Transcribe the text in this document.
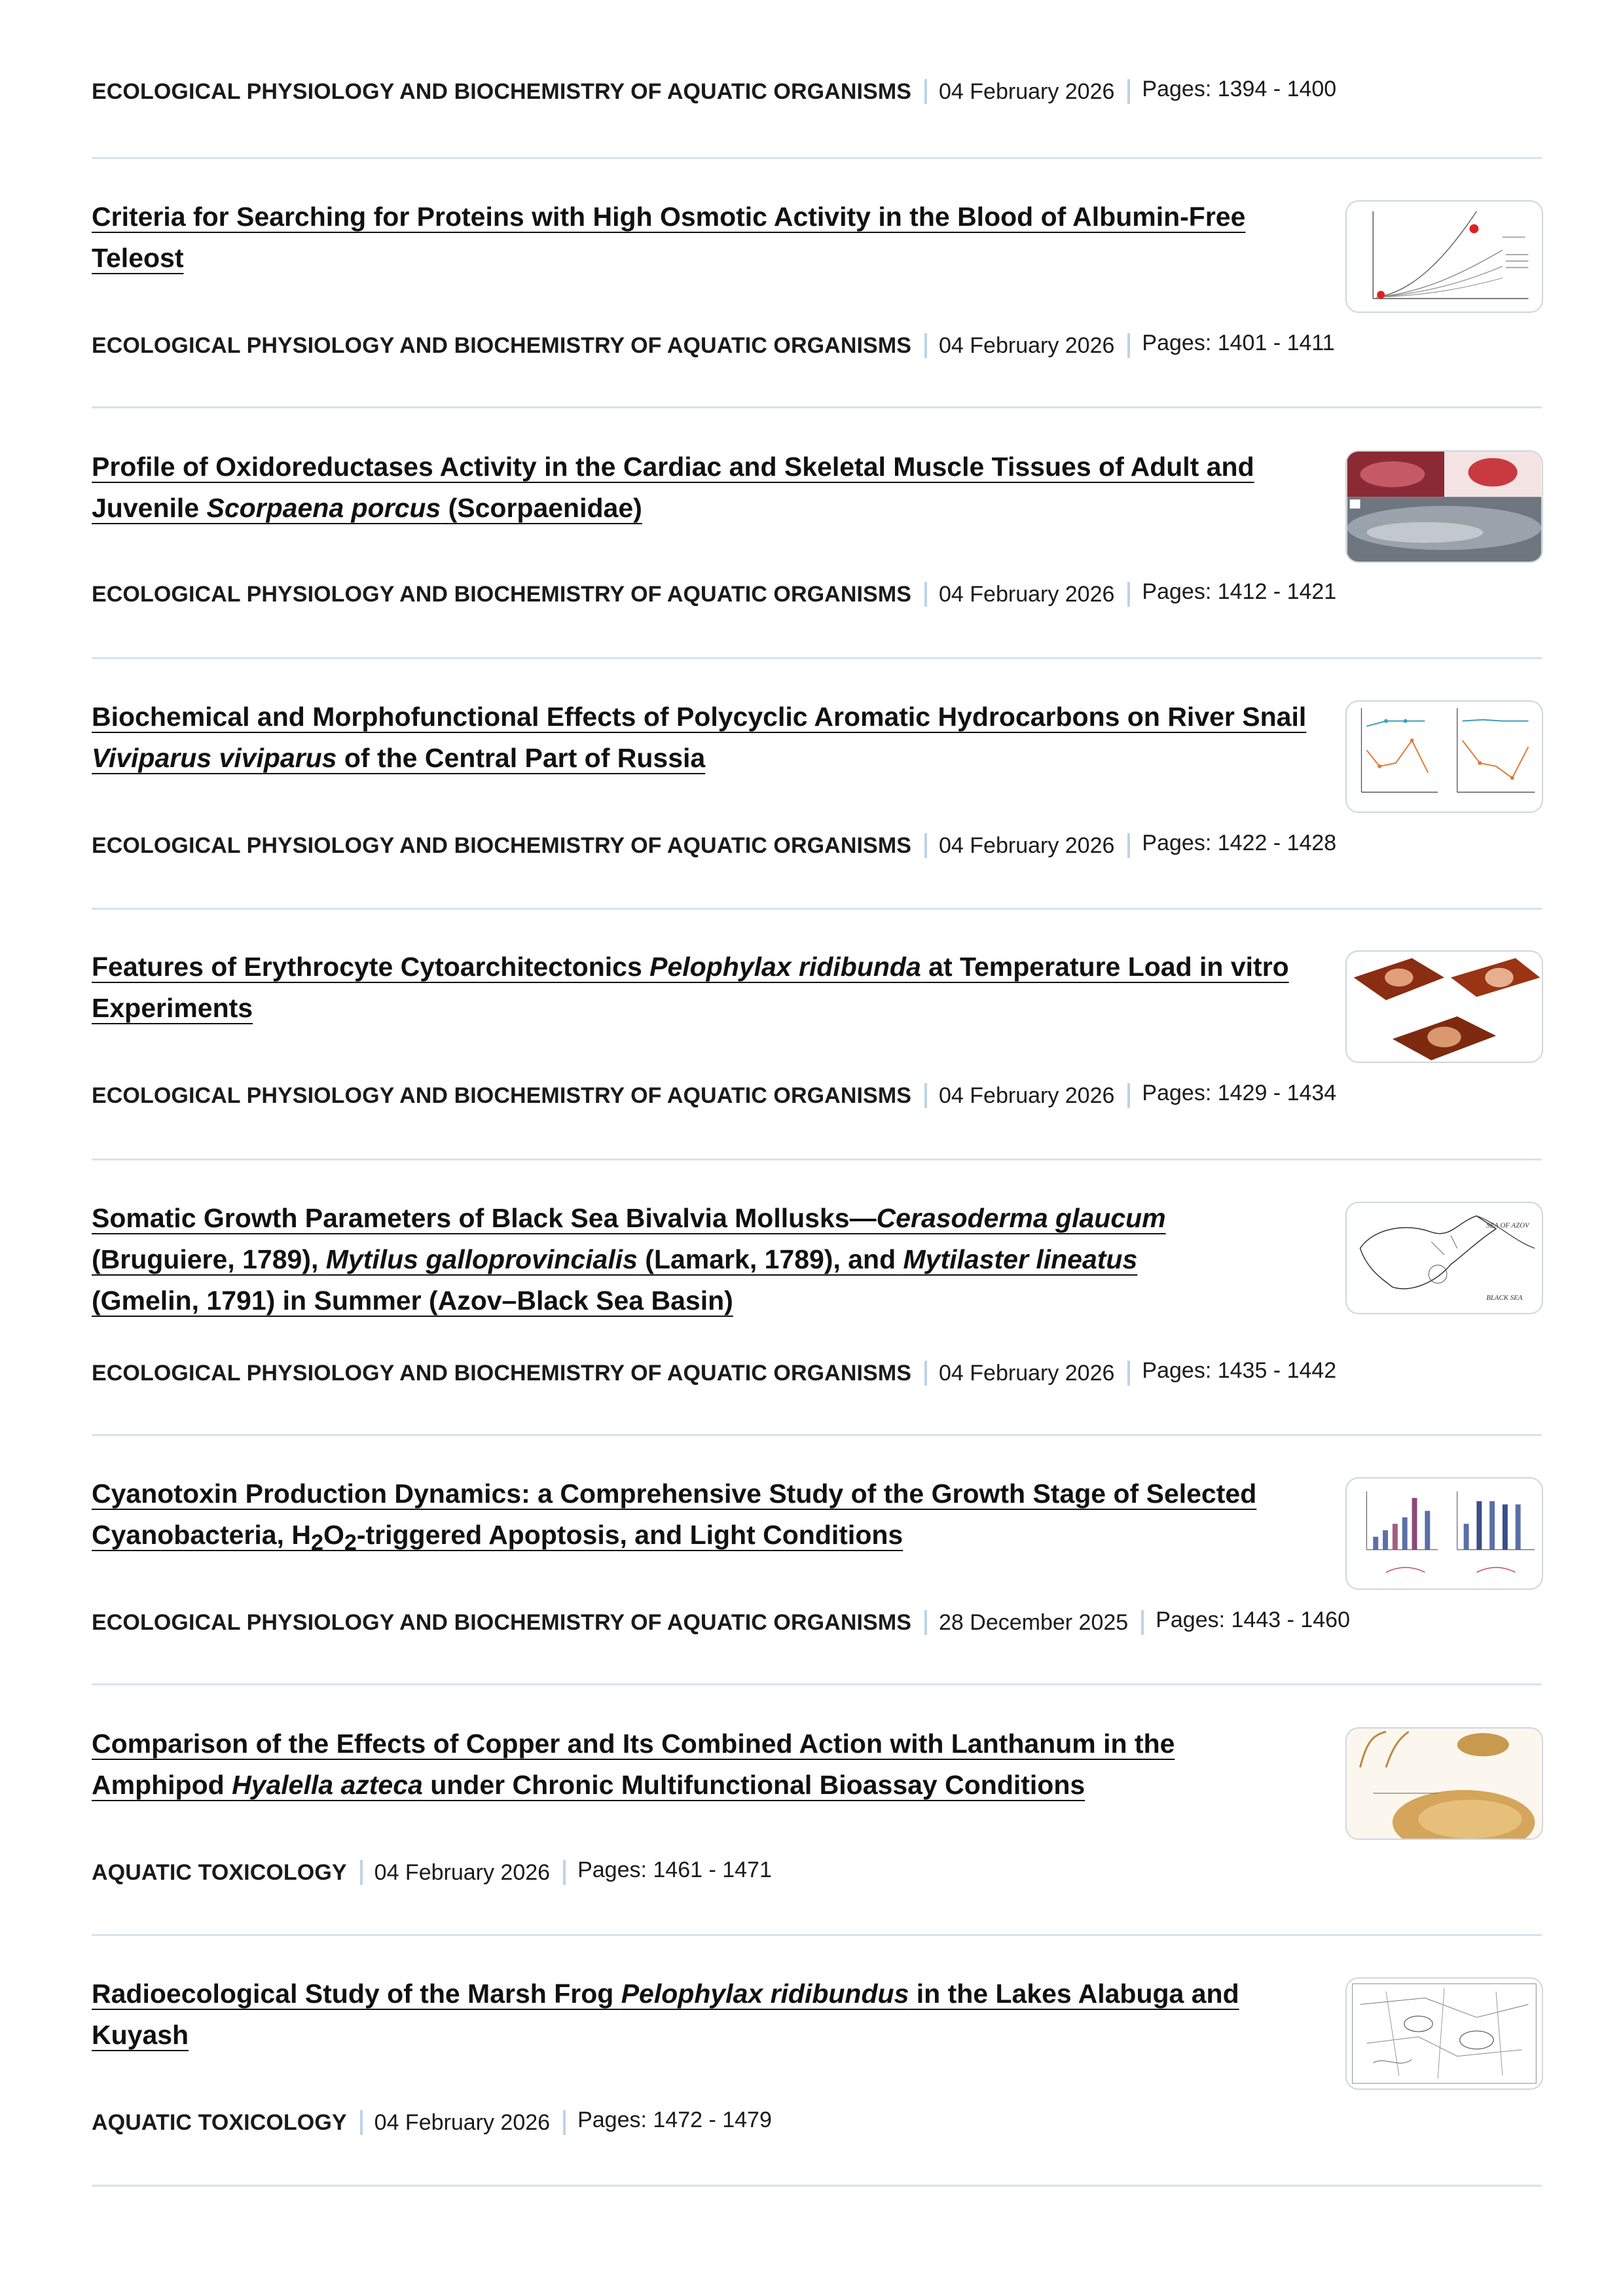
ECOLOGICAL PHYSIOLOGY AND BIOCHEMISTRY OF AQUATIC ORGANISMS 04 February 2026 Pages: 1394 - 1400
Criteria for Searching for Proteins with High Osmotic Activity in the Blood of Albumin-Free Teleost
ECOLOGICAL PHYSIOLOGY AND BIOCHEMISTRY OF AQUATIC ORGANISMS 04 February 2026 Pages: 1401 - 1411
Profile of Oxidoreductases Activity in the Cardiac and Skeletal Muscle Tissues of Adult and Juvenile Scorpaena porcus (Scorpaenidae)
ECOLOGICAL PHYSIOLOGY AND BIOCHEMISTRY OF AQUATIC ORGANISMS 04 February 2026 Pages: 1412 - 1421
Biochemical and Morphofunctional Effects of Polycyclic Aromatic Hydrocarbons on River Snail Viviparus viviparus of the Central Part of Russia
ECOLOGICAL PHYSIOLOGY AND BIOCHEMISTRY OF AQUATIC ORGANISMS 04 February 2026 Pages: 1422 - 1428
Features of Erythrocyte Cytoarchitectonics Pelophylax ridibunda at Temperature Load in vitro Experiments
ECOLOGICAL PHYSIOLOGY AND BIOCHEMISTRY OF AQUATIC ORGANISMS 04 February 2026 Pages: 1429 - 1434
Somatic Growth Parameters of Black Sea Bivalvia Mollusks—Cerasoderma glaucum (Bruguiere, 1789), Mytilus galloprovincialis (Lamark, 1789), and Mytilaster lineatus (Gmelin, 1791) in Summer (Azov–Black Sea Basin)
ECOLOGICAL PHYSIOLOGY AND BIOCHEMISTRY OF AQUATIC ORGANISMS 04 February 2026 Pages: 1435 - 1442
SEA OF AZOV
BLACK SEA
Cyanotoxin Production Dynamics: a Comprehensive Study of the Growth Stage of Selected Cyanobacteria, $H_2O_2$-triggered Apoptosis, and Light Conditions
ECOLOGICAL PHYSIOLOGY AND BIOCHEMISTRY OF AQUATIC ORGANISMS 28 December 2025 Pages: 1443 - 1460
Comparison of the Effects of Copper and Its Combined Action with Lanthanum in the Amphipod Hyalella azteca under Chronic Multifunctional Bioassay Conditions
AQUATIC TOXICOLOGY 04 February 2026 Pages: 1461 - 1471
Radioecological Study of the Marsh Frog Pelophylax ridibundus in the Lakes Alabuga and Kuyash
AQUATIC TOXICOLOGY 04 February 2026 Pages: 1472 - 1479
